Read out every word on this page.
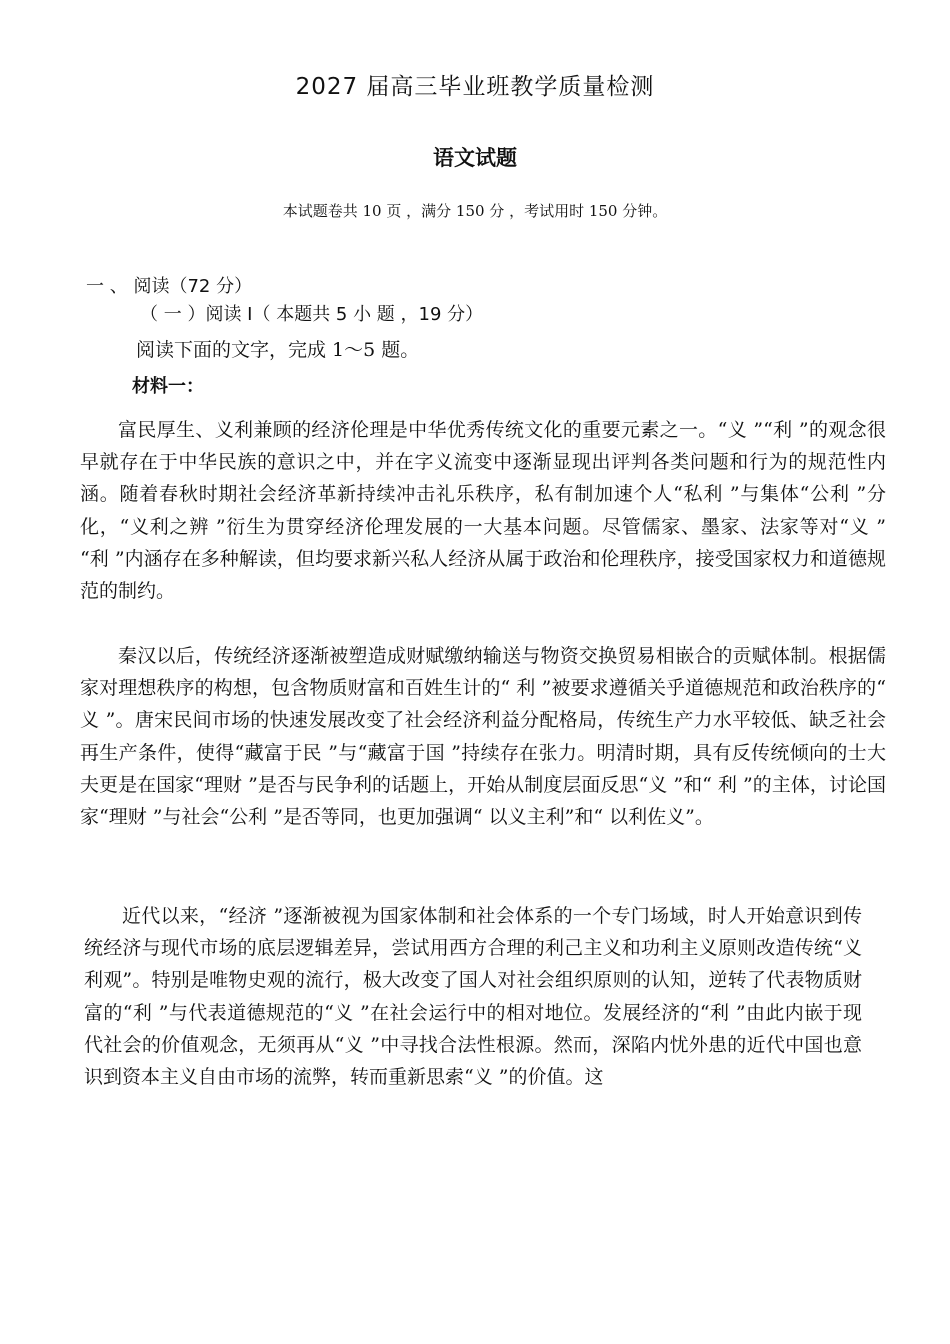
2027 届高三毕业班教学质量检测
语文试题
本试题卷共 10 页 ，满分 150 分 ，考试用时 150 分钟。
一 、 阅读（72 分）
（ 一 ）阅读 I（ 本题共 5 小 题 ，19 分）
阅读下面的文字，完成 1～5 题。
材料一：

富民厚生、义利兼顾的经济伦理是中华优秀传统文化的重要元素之一。“义 ”“利 ”的观念很早就存在于中华民族的意识之中，并在字义流变中逐渐显现出评判各类问题和行为的规范性内涵。随着春秋时期社会经济革新持续冲击礼乐秩序，私有制加速个人“私利 ”与集体“公利 ”分化，“义利之辨 ”衍生为贯穿经济伦理发展的一大基本问题。尽管儒家、墨家、法家等对“义 ” “利 ”内涵存在多种解读，但均要求新兴私人经济从属于政治和伦理秩序，接受国家权力和道德规范的制约。

秦汉以后，传统经济逐渐被塑造成财赋缴纳输送与物资交换贸易相嵌合的贡赋体制。根据儒家对理想秩序的构想，包含物质财富和百姓生计的“ 利 ”被要求遵循关乎道德规范和政治秩序的“ 义 ”。唐宋民间市场的快速发展改变了社会经济利益分配格局，传统生产力水平较低、缺乏社会再生产条件，使得“藏富于民 ”与“藏富于国 ”持续存在张力。明清时期，具有反传统倾向的士大夫更是在国家“理财 ”是否与民争利的话题上，开始从制度层面反思“义 ”和“ 利 ”的主体，讨论国家“理财 ”与社会“公利 ”是否等同，也更加强调“ 以义主利”和“ 以利佐义”。

近代以来，“经济 ”逐渐被视为国家体制和社会体系的一个专门场域，时人开始意识到传统经济与现代市场的底层逻辑差异，尝试用西方合理的利己主义和功利主义原则改造传统“义利观”。特别是唯物史观的流行，极大改变了国人对社会组织原则的认知，逆转了代表物质财富的“利 ”与代表道德规范的“义 ”在社会运行中的相对地位。发展经济的“利 ”由此内嵌于现代社会的价值观念，无须再从“义 ”中寻找合法性根源。然而，深陷内忧外患的近代中国也意识到资本主义自由市场的流弊，转而重新思索“义 ”的价值。这
